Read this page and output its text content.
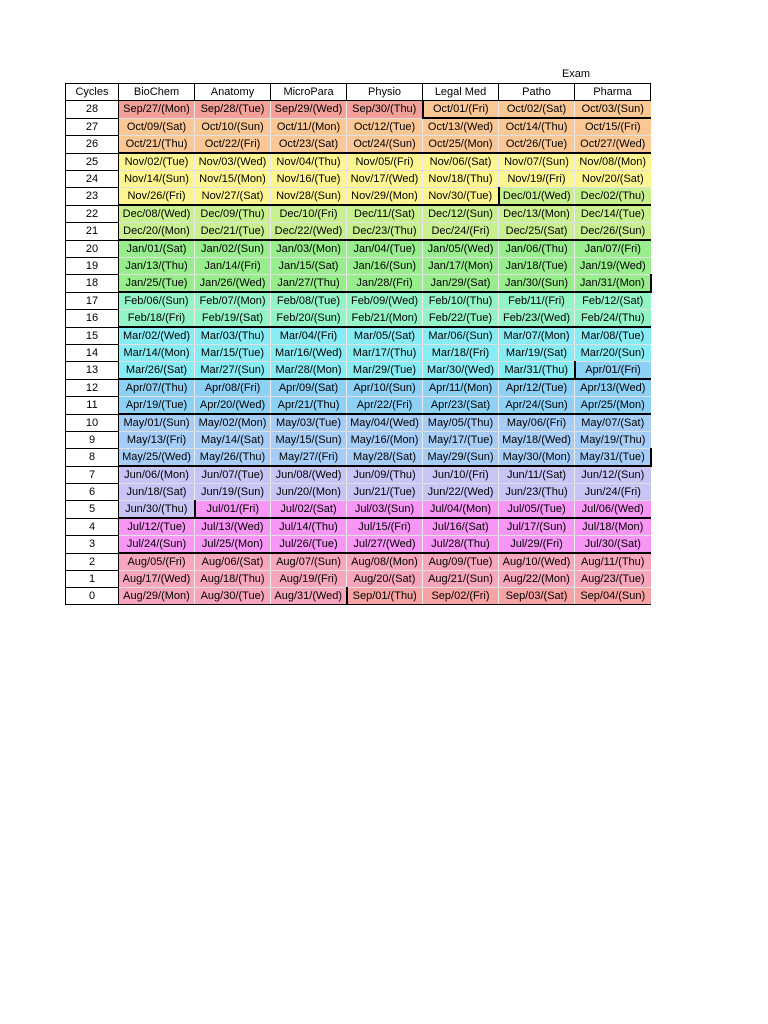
Exam
Cycles	BioChem	Anatomy	MicroPara	Physio	Legal Med	Patho	Pharma
28	Sep/27/(Mon)	Sep/28/(Tue)	Sep/29/(Wed)	Sep/30/(Thu)	Oct/01/(Fri)	Oct/02/(Sat)	Oct/03/(Sun)
27	Oct/09/(Sat)	Oct/10/(Sun)	Oct/11/(Mon)	Oct/12/(Tue)	Oct/13/(Wed)	Oct/14/(Thu)	Oct/15/(Fri)
26	Oct/21/(Thu)	Oct/22/(Fri)	Oct/23/(Sat)	Oct/24/(Sun)	Oct/25/(Mon)	Oct/26/(Tue)	Oct/27/(Wed)
25	Nov/02/(Tue)	Nov/03/(Wed)	Nov/04/(Thu)	Nov/05/(Fri)	Nov/06/(Sat)	Nov/07/(Sun)	Nov/08/(Mon)
24	Nov/14/(Sun)	Nov/15/(Mon)	Nov/16/(Tue)	Nov/17/(Wed)	Nov/18/(Thu)	Nov/19/(Fri)	Nov/20/(Sat)
23	Nov/26/(Fri)	Nov/27/(Sat)	Nov/28/(Sun)	Nov/29/(Mon)	Nov/30/(Tue)	Dec/01/(Wed)	Dec/02/(Thu)
22	Dec/08/(Wed)	Dec/09/(Thu)	Dec/10/(Fri)	Dec/11/(Sat)	Dec/12/(Sun)	Dec/13/(Mon)	Dec/14/(Tue)
21	Dec/20/(Mon)	Dec/21/(Tue)	Dec/22/(Wed)	Dec/23/(Thu)	Dec/24/(Fri)	Dec/25/(Sat)	Dec/26/(Sun)
20	Jan/01/(Sat)	Jan/02/(Sun)	Jan/03/(Mon)	Jan/04/(Tue)	Jan/05/(Wed)	Jan/06/(Thu)	Jan/07/(Fri)
19	Jan/13/(Thu)	Jan/14/(Fri)	Jan/15/(Sat)	Jan/16/(Sun)	Jan/17/(Mon)	Jan/18/(Tue)	Jan/19/(Wed)
18	Jan/25/(Tue)	Jan/26/(Wed)	Jan/27/(Thu)	Jan/28/(Fri)	Jan/29/(Sat)	Jan/30/(Sun)	Jan/31/(Mon)
17	Feb/06/(Sun)	Feb/07/(Mon)	Feb/08/(Tue)	Feb/09/(Wed)	Feb/10/(Thu)	Feb/11/(Fri)	Feb/12/(Sat)
16	Feb/18/(Fri)	Feb/19/(Sat)	Feb/20/(Sun)	Feb/21/(Mon)	Feb/22/(Tue)	Feb/23/(Wed)	Feb/24/(Thu)
15	Mar/02/(Wed)	Mar/03/(Thu)	Mar/04/(Fri)	Mar/05/(Sat)	Mar/06/(Sun)	Mar/07/(Mon)	Mar/08/(Tue)
14	Mar/14/(Mon)	Mar/15/(Tue)	Mar/16/(Wed)	Mar/17/(Thu)	Mar/18/(Fri)	Mar/19/(Sat)	Mar/20/(Sun)
13	Mar/26/(Sat)	Mar/27/(Sun)	Mar/28/(Mon)	Mar/29/(Tue)	Mar/30/(Wed)	Mar/31/(Thu)	Apr/01/(Fri)
12	Apr/07/(Thu)	Apr/08/(Fri)	Apr/09/(Sat)	Apr/10/(Sun)	Apr/11/(Mon)	Apr/12/(Tue)	Apr/13/(Wed)
11	Apr/19/(Tue)	Apr/20/(Wed)	Apr/21/(Thu)	Apr/22/(Fri)	Apr/23/(Sat)	Apr/24/(Sun)	Apr/25/(Mon)
10	May/01/(Sun)	May/02/(Mon)	May/03/(Tue)	May/04/(Wed)	May/05/(Thu)	May/06/(Fri)	May/07/(Sat)
9	May/13/(Fri)	May/14/(Sat)	May/15/(Sun)	May/16/(Mon)	May/17/(Tue)	May/18/(Wed)	May/19/(Thu)
8	May/25/(Wed)	May/26/(Thu)	May/27/(Fri)	May/28/(Sat)	May/29/(Sun)	May/30/(Mon)	May/31/(Tue)
7	Jun/06/(Mon)	Jun/07/(Tue)	Jun/08/(Wed)	Jun/09/(Thu)	Jun/10/(Fri)	Jun/11/(Sat)	Jun/12/(Sun)
6	Jun/18/(Sat)	Jun/19/(Sun)	Jun/20/(Mon)	Jun/21/(Tue)	Jun/22/(Wed)	Jun/23/(Thu)	Jun/24/(Fri)
5	Jun/30/(Thu)	Jul/01/(Fri)	Jul/02/(Sat)	Jul/03/(Sun)	Jul/04/(Mon)	Jul/05/(Tue)	Jul/06/(Wed)
4	Jul/12/(Tue)	Jul/13/(Wed)	Jul/14/(Thu)	Jul/15/(Fri)	Jul/16/(Sat)	Jul/17/(Sun)	Jul/18/(Mon)
3	Jul/24/(Sun)	Jul/25/(Mon)	Jul/26/(Tue)	Jul/27/(Wed)	Jul/28/(Thu)	Jul/29/(Fri)	Jul/30/(Sat)
2	Aug/05/(Fri)	Aug/06/(Sat)	Aug/07/(Sun)	Aug/08/(Mon)	Aug/09/(Tue)	Aug/10/(Wed)	Aug/11/(Thu)
1	Aug/17/(Wed)	Aug/18/(Thu)	Aug/19/(Fri)	Aug/20/(Sat)	Aug/21/(Sun)	Aug/22/(Mon)	Aug/23/(Tue)
0	Aug/29/(Mon)	Aug/30/(Tue)	Aug/31/(Wed)	Sep/01/(Thu)	Sep/02/(Fri)	Sep/03/(Sat)	Sep/04/(Sun)
